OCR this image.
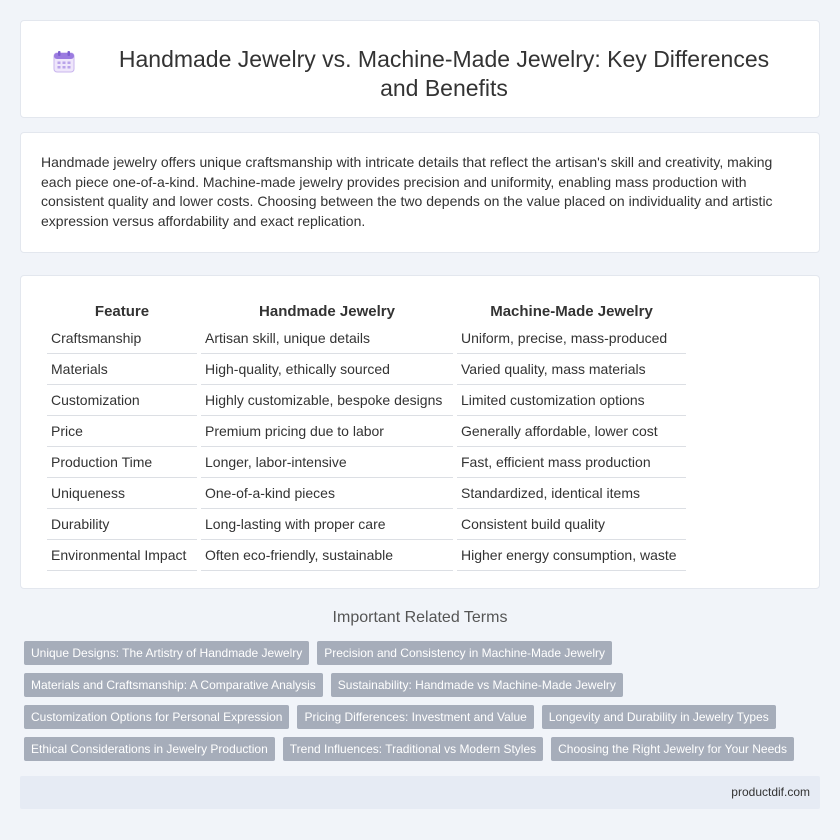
Handmade Jewelry vs. Machine-Made Jewelry: Key Differences and Benefits

Handmade jewelry offers unique craftsmanship with intricate details that reflect the artisan's skill and creativity, making each piece one-of-a-kind. Machine-made jewelry provides precision and uniformity, enabling mass production with consistent quality and lower costs. Choosing between the two depends on the value placed on individuality and artistic expression versus affordability and exact replication.

Feature	Handmade Jewelry	Machine-Made Jewelry
Craftsmanship	Artisan skill, unique details	Uniform, precise, mass-produced
Materials	High-quality, ethically sourced	Varied quality, mass materials
Customization	Highly customizable, bespoke designs	Limited customization options
Price	Premium pricing due to labor	Generally affordable, lower cost
Production Time	Longer, labor-intensive	Fast, efficient mass production
Uniqueness	One-of-a-kind pieces	Standardized, identical items
Durability	Long-lasting with proper care	Consistent build quality
Environmental Impact	Often eco-friendly, sustainable	Higher energy consumption, waste
Important Related Terms
Unique Designs: The Artistry of Handmade Jewelry	Precision and Consistency in Machine-Made Jewelry
Materials and Craftsmanship: A Comparative Analysis	Sustainability: Handmade vs Machine-Made Jewelry
Customization Options for Personal Expression	Pricing Differences: Investment and Value	Longevity and Durability in Jewelry Types
Ethical Considerations in Jewelry Production	Trend Influences: Traditional vs Modern Styles	Choosing the Right Jewelry for Your Needs
productdif.com
